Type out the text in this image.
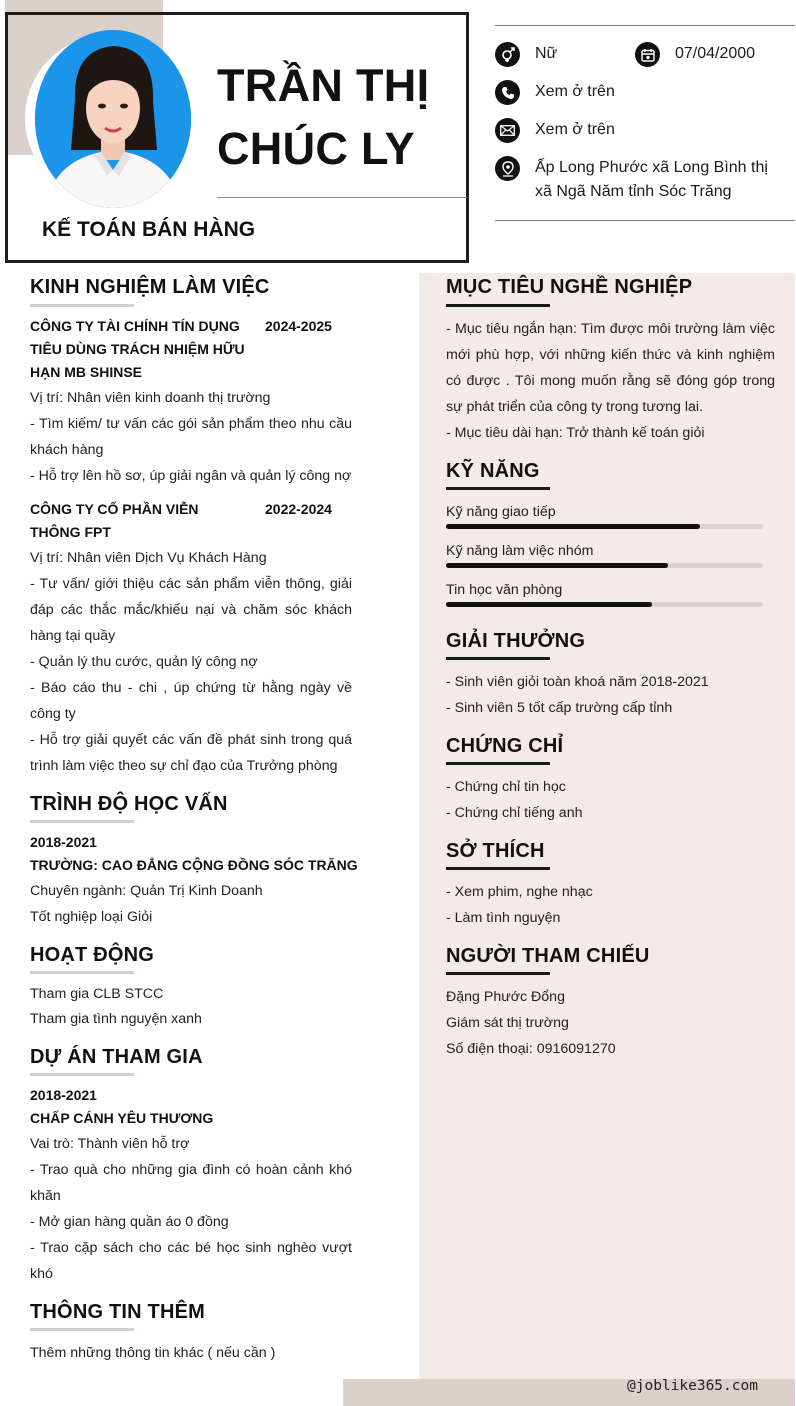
TRẦN THỊ
CHÚC LY
KẾ TOÁN BÁN HÀNG
Nữ	07/04/2000
Xem ở trên
Xem ở trên
Ấp Long Phước xã Long Bình thị xã Ngã Năm tỉnh Sóc Trăng
KINH NGHIỆM LÀM VIỆC
CÔNG TY TÀI CHÍNH TÍN DỤNG TIÊU DÙNG TRÁCH NHIỆM HỮU HẠN MB SHINSE
2024-2025
Vị trí: Nhân viên kinh doanh thị trường
- Tìm kiếm/ tư vấn các gói sản phẩm theo nhu cầu khách hàng
- Hỗ trợ lên hồ sơ, úp giải ngân và quản lý công nợ
CÔNG TY CỔ PHẦN VIỄN THÔNG FPT
2022-2024
Vị trí: Nhân viên Dịch Vụ Khách Hàng
- Tư vấn/ giới thiệu các sản phẩm viễn thông, giải đáp các thắc mắc/khiếu nại và chăm sóc khách hàng tại quầy
- Quản lý thu cước, quản lý công nợ
- Báo cáo thu - chi , úp chứng từ hằng ngày về công ty
- Hỗ trợ giải quyết các vấn đề phát sinh trong quá trình làm việc theo sự chỉ đạo của Trưởng phòng
TRÌNH ĐỘ HỌC VẤN
2018-2021
TRƯỜNG: CAO ĐẲNG CỘNG ĐỒNG SÓC TRĂNG
Chuyên ngành: Quản Trị Kinh Doanh
Tốt nghiệp loại Giỏi
HOẠT ĐỘNG
Tham gia CLB STCC
Tham gia tình nguyện xanh
DỰ ÁN THAM GIA
2018-2021
CHẤP CÁNH YÊU THƯƠNG
Vai trò: Thành viên hỗ trợ
- Trao quà cho những gia đình có hoàn cảnh khó khăn
- Mở gian hàng quần áo 0 đồng
- Trao cặp sách cho các bé học sinh nghèo vượt khó
THÔNG TIN THÊM
Thêm những thông tin khác ( nếu cần )
MỤC TIÊU NGHỀ NGHIỆP
- Mục tiêu ngắn hạn: Tìm được môi trường làm việc mới phù hợp, với những kiến thức và kinh nghiệm có được . Tôi mong muốn rằng sẽ đóng góp trong sự phát triển của công ty trong tương lai.
- Mục tiêu dài hạn: Trở thành kế toán giỏi
KỸ NĂNG
Kỹ năng giao tiếp
Kỹ năng làm việc nhóm
Tin học văn phòng
GIẢI THƯỞNG
- Sinh viên giỏi toàn khoá năm 2018-2021
- Sinh viên 5 tốt cấp trường cấp tỉnh
CHỨNG CHỈ
- Chứng chỉ tin học
- Chứng chỉ tiếng anh
SỞ THÍCH
- Xem phim, nghe nhạc
- Làm tình nguyện
NGƯỜI THAM CHIẾU
Đặng Phước Đổng
Giám sát thị trường
Số điện thoại: 0916091270
@joblike365.com
